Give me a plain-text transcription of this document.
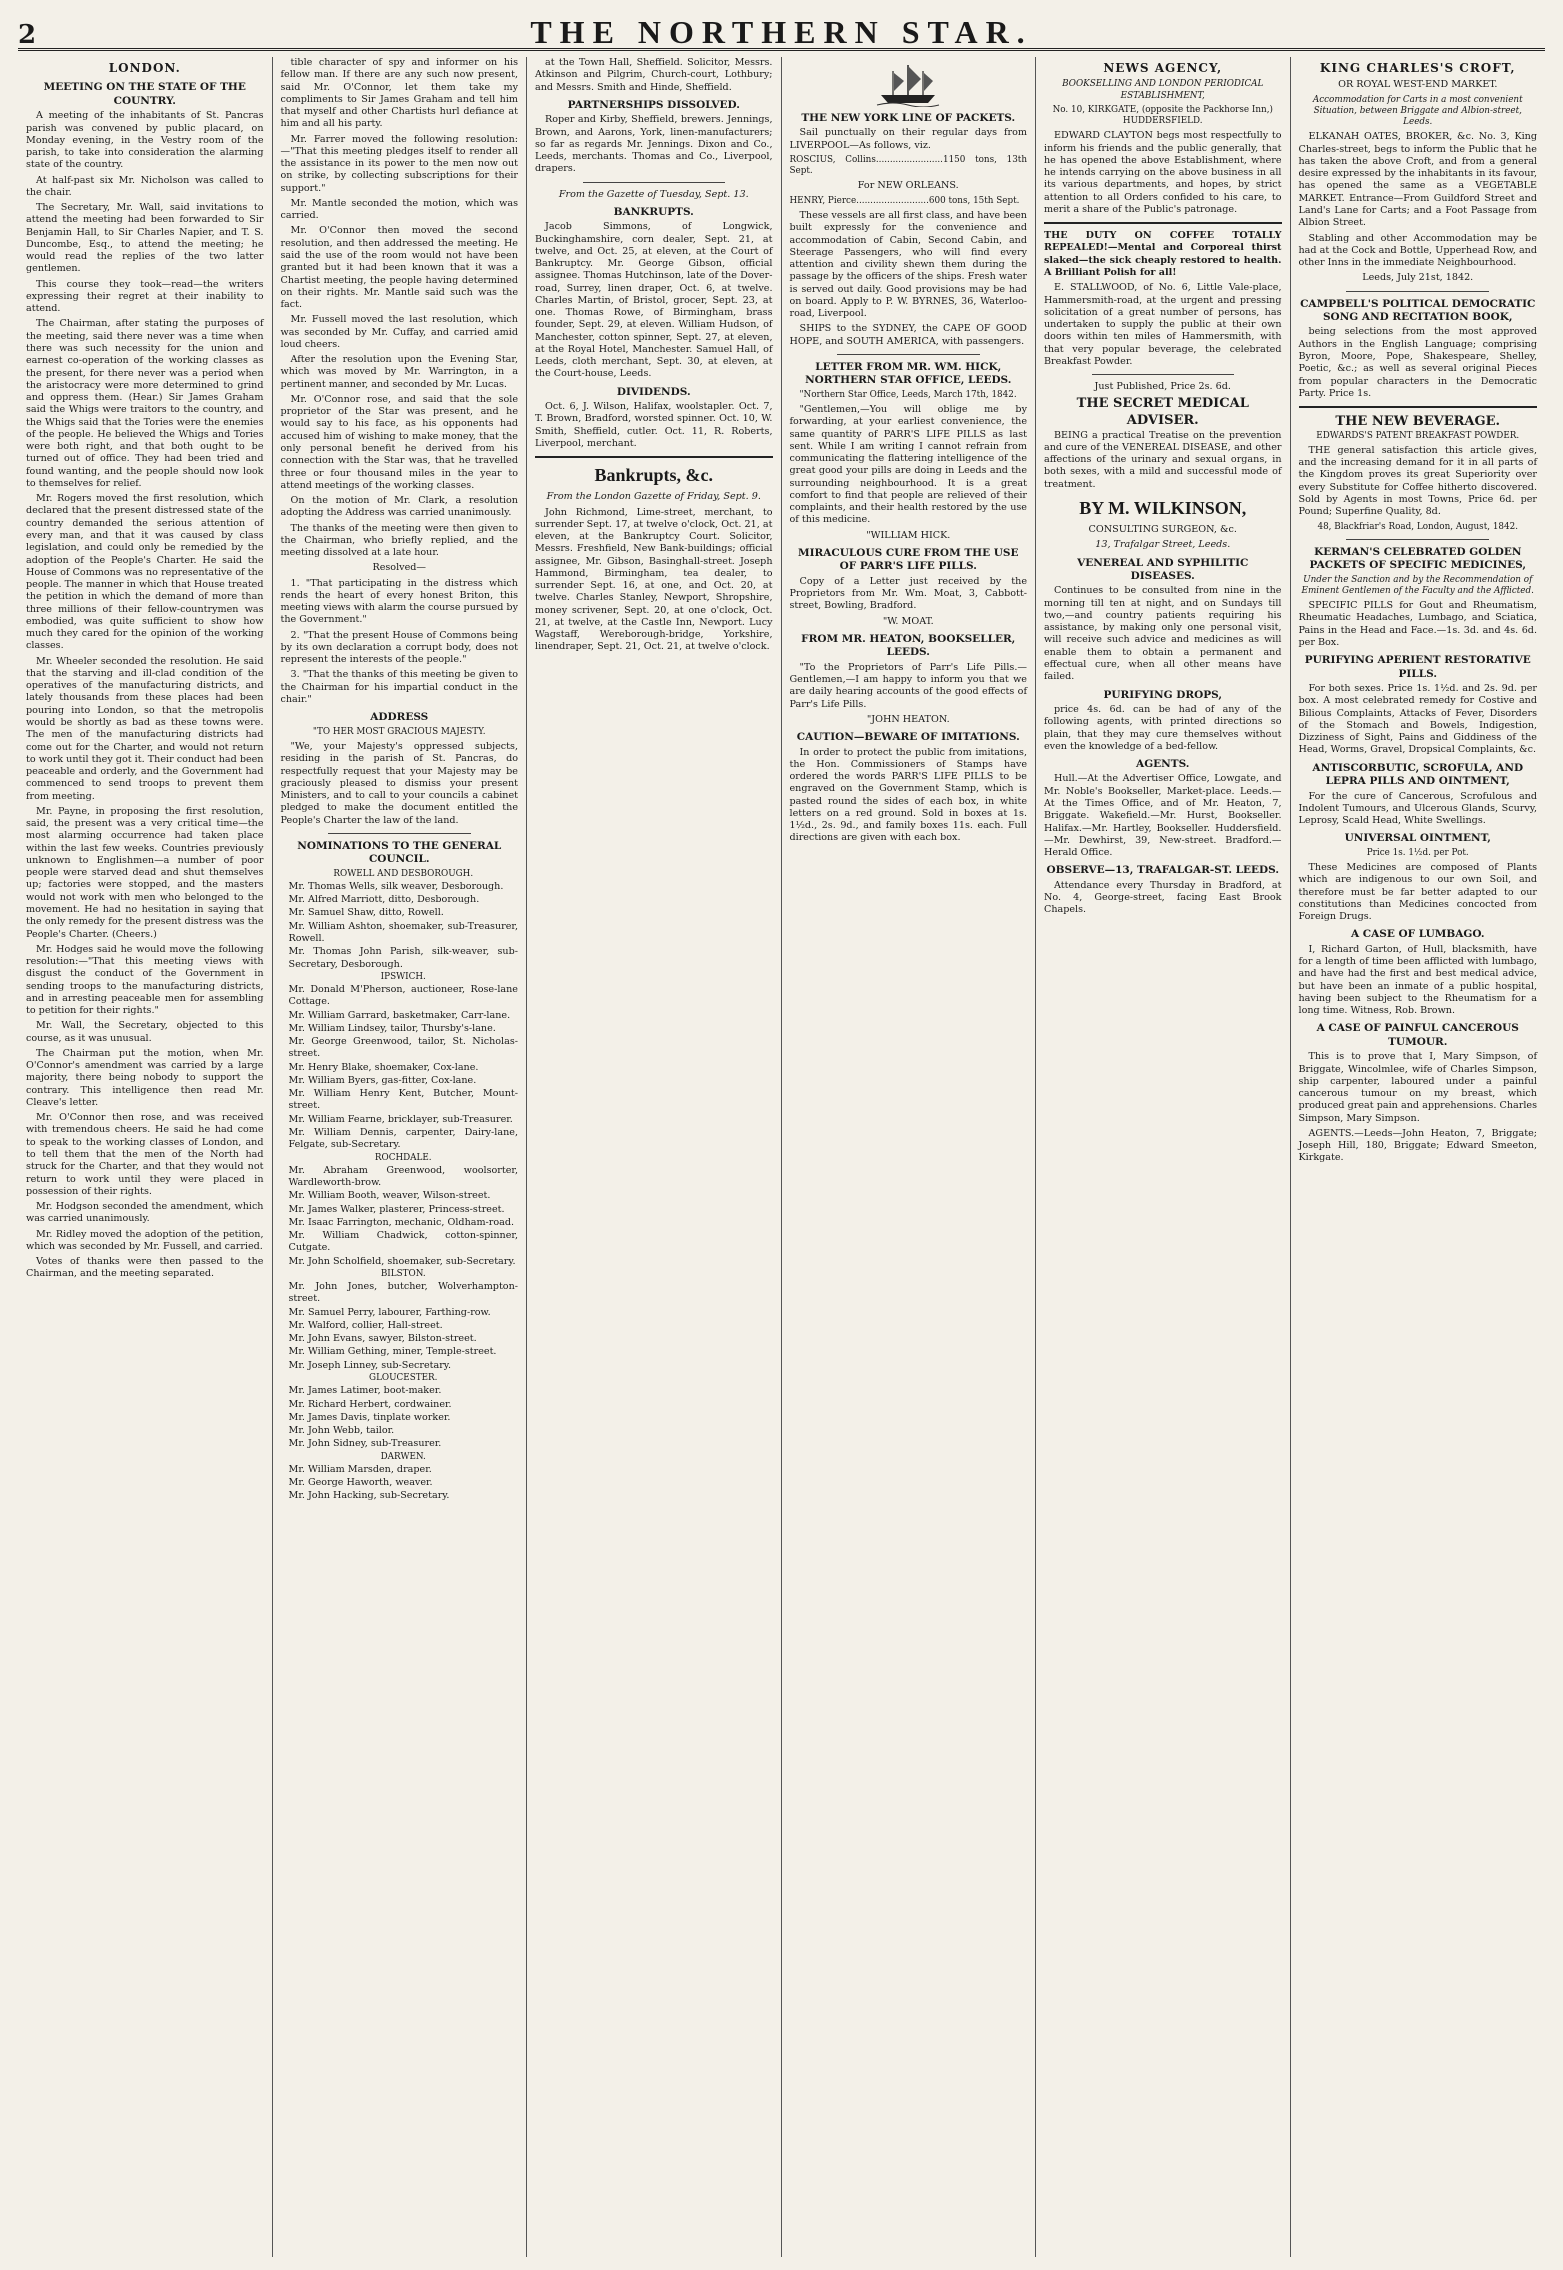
2	THE NORTHERN STAR.
LONDON.
MEETING ON THE STATE OF THE COUNTRY.

A meeting of the inhabitants of St. Pancras parish was convened by public placard, on Monday evening, in the Vestry room of the parish, to take into consideration the alarming state of the country.

At half-past six Mr. Nicholson was called to the chair.

The Secretary, Mr. Wall, said invitations to attend the meeting had been forwarded to Sir Benjamin Hall, to Sir Charles Napier, and T. S. Duncombe, Esq., to attend the meeting; he would read the replies of the two latter gentlemen.

This course they took—read—the writers expressing their regret at their inability to attend.

The Chairman, after stating the purposes of the meeting, said there never was a time when there was such necessity for the union and earnest co-operation of the working classes as the present, for there never was a period when the aristocracy were more determined to grind and oppress them. (Hear.) Sir James Graham said the Whigs were traitors to the country, and the Whigs said that the Tories were the enemies of the people. He believed the Whigs and Tories were both right, and that both ought to be turned out of office. They had been tried and found wanting, and the people should now look to themselves for relief.

Mr. Rogers moved the first resolution, which declared that the present distressed state of the country demanded the serious attention of every man, and that it was caused by class legislation, and could only be remedied by the adoption of the People's Charter. He said the House of Commons was no representative of the people. The manner in which that House treated the petition in which the demand of more than three millions of their fellow-countrymen was embodied, was quite sufficient to show how much they cared for the opinion of the working classes.

Mr. Wheeler seconded the resolution. He said that the starving and ill-clad condition of the operatives of the manufacturing districts, and lately thousands from these places had been pouring into London, so that the metropolis would be shortly as bad as these towns were. The men of the manufacturing districts had come out for the Charter, and would not return to work until they got it. Their conduct had been peaceable and orderly, and the Government had commenced to send troops to prevent them from meeting.

Mr. Payne, in proposing the first resolution, said, the present was a very critical time—the most alarming occurrence had taken place within the last few weeks. Countries previously unknown to Englishmen—a number of poor people were starved dead and shut themselves up; factories were stopped, and the masters would not work with men who belonged to the movement. He had no hesitation in saying that the only remedy for the present distress was the People's Charter. (Cheers.)

Mr. Hodges said he would move the following resolution:—"That this meeting views with disgust the conduct of the Government in sending troops to the manufacturing districts, and in arresting peaceable men for assembling to petition for their rights."

Mr. Wall, the Secretary, objected to this course, as it was unusual.

The Chairman put the motion, when Mr. O'Connor's amendment was carried by a large majority, there being nobody to support the contrary. This intelligence then read Mr. Cleave's letter.

Mr. O'Connor then rose, and was received with tremendous cheers. He said he had come to speak to the working classes of London, and to tell them that the men of the North had struck for the Charter, and that they would not return to work until they were placed in possession of their rights.

Mr. Hodgson seconded the amendment, which was carried unanimously.

Mr. Ridley moved the adoption of the petition, which was seconded by Mr. Fussell, and carried.

Votes of thanks were then passed to the Chairman, and the meeting separated.

tible character of spy and informer on his fellow man. If there are any such now present, said Mr. O'Connor, let them take my compliments to Sir James Graham and tell him that myself and other Chartists hurl defiance at him and all his party.

Mr. Farrer moved the following resolution:—"That this meeting pledges itself to render all the assistance in its power to the men now out on strike, by collecting subscriptions for their support."

Mr. Mantle seconded the motion, which was carried.

Mr. O'Connor then moved the second resolution, and then addressed the meeting. He said the use of the room would not have been granted but it had been known that it was a Chartist meeting, the people having determined on their rights. Mr. Mantle said such was the fact.

Mr. Fussell moved the last resolution, which was seconded by Mr. Cuffay, and carried amid loud cheers.

After the resolution upon the Evening Star, which was moved by Mr. Warrington, in a pertinent manner, and seconded by Mr. Lucas.

Mr. O'Connor rose, and said that the sole proprietor of the Star was present, and he would say to his face, as his opponents had accused him of wishing to make money, that the only personal benefit he derived from his connection with the Star was, that he travelled three or four thousand miles in the year to attend meetings of the working classes.

On the motion of Mr. Clark, a resolution adopting the Address was carried unanimously.

The thanks of the meeting were then given to the Chairman, who briefly replied, and the meeting dissolved at a late hour.

Resolved—

1. "That participating in the distress which rends the heart of every honest Briton, this meeting views with alarm the course pursued by the Government."

2. "That the present House of Commons being by its own declaration a corrupt body, does not represent the interests of the people."

3. "That the thanks of this meeting be given to the Chairman for his impartial conduct in the chair."

ADDRESS

"TO HER MOST GRACIOUS MAJESTY.

"We, your Majesty's oppressed subjects, residing in the parish of St. Pancras, do respectfully request that your Majesty may be graciously pleased to dismiss your present Ministers, and to call to your councils a cabinet pledged to make the document entitled the People's Charter the law of the land.

NOMINATIONS TO THE GENERAL COUNCIL.

ROWELL AND DESBOROUGH.

Mr. Thomas Wells, silk weaver, Desborough.

Mr. Alfred Marriott, ditto, Desborough.

Mr. Samuel Shaw, ditto, Rowell.

Mr. William Ashton, shoemaker, sub-Treasurer, Rowell.

Mr. Thomas John Parish, silk-weaver, sub-Secretary, Desborough.

IPSWICH.

Mr. Donald M'Pherson, auctioneer, Rose-lane Cottage.

Mr. William Garrard, basketmaker, Carr-lane.

Mr. William Lindsey, tailor, Thursby's-lane.

Mr. George Greenwood, tailor, St. Nicholas-street.

Mr. Henry Blake, shoemaker, Cox-lane.

Mr. William Byers, gas-fitter, Cox-lane.

Mr. William Henry Kent, Butcher, Mount-street.

Mr. William Fearne, bricklayer, sub-Treasurer.

Mr. William Dennis, carpenter, Dairy-lane, Felgate, sub-Secretary.

ROCHDALE.

Mr. Abraham Greenwood, woolsorter, Wardleworth-brow.

Mr. William Booth, weaver, Wilson-street.

Mr. James Walker, plasterer, Princess-street.

Mr. Isaac Farrington, mechanic, Oldham-road.

Mr. William Chadwick, cotton-spinner, Cutgate.

Mr. John Scholfield, shoemaker, sub-Secretary.

BILSTON.

Mr. John Jones, butcher, Wolverhampton-street.

Mr. Samuel Perry, labourer, Farthing-row.

Mr. Walford, collier, Hall-street.

Mr. John Evans, sawyer, Bilston-street.

Mr. William Gething, miner, Temple-street.

Mr. Joseph Linney, sub-Secretary.

GLOUCESTER.

Mr. James Latimer, boot-maker.

Mr. Richard Herbert, cordwainer.

Mr. James Davis, tinplate worker.

Mr. John Webb, tailor.

Mr. John Sidney, sub-Treasurer.

DARWEN.

Mr. William Marsden, draper.

Mr. George Haworth, weaver.

Mr. John Hacking, sub-Secretary.

at the Town Hall, Sheffield. Solicitor, Messrs. Atkinson and Pilgrim, Church-court, Lothbury; and Messrs. Smith and Hinde, Sheffield.

PARTNERSHIPS DISSOLVED.

Roper and Kirby, Sheffield, brewers. Jennings, Brown, and Aarons, York, linen-manufacturers; so far as regards Mr. Jennings. Dixon and Co., Leeds, merchants. Thomas and Co., Liverpool, drapers.

From the Gazette of Tuesday, Sept. 13.

BANKRUPTS.

Jacob Simmons, of Longwick, Buckinghamshire, corn dealer, Sept. 21, at twelve, and Oct. 25, at eleven, at the Court of Bankruptcy. Mr. George Gibson, official assignee. Thomas Hutchinson, late of the Dover-road, Surrey, linen draper, Oct. 6, at twelve. Charles Martin, of Bristol, grocer, Sept. 23, at one. Thomas Rowe, of Birmingham, brass founder, Sept. 29, at eleven. William Hudson, of Manchester, cotton spinner, Sept. 27, at eleven, at the Royal Hotel, Manchester. Samuel Hall, of Leeds, cloth merchant, Sept. 30, at eleven, at the Court-house, Leeds.

DIVIDENDS.

Oct. 6, J. Wilson, Halifax, woolstapler. Oct. 7, T. Brown, Bradford, worsted spinner. Oct. 10, W. Smith, Sheffield, cutler. Oct. 11, R. Roberts, Liverpool, merchant.

Bankrupts, &c.

From the London Gazette of Friday, Sept. 9.

John Richmond, Lime-street, merchant, to surrender Sept. 17, at twelve o'clock, Oct. 21, at eleven, at the Bankruptcy Court. Solicitor, Messrs. Freshfield, New Bank-buildings; official assignee, Mr. Gibson, Basinghall-street. Joseph Hammond, Birmingham, tea dealer, to surrender Sept. 16, at one, and Oct. 20, at twelve. Charles Stanley, Newport, Shropshire, money scrivener, Sept. 20, at one o'clock, Oct. 21, at twelve, at the Castle Inn, Newport. Lucy Wagstaff, Wereborough-bridge, Yorkshire, linendraper, Sept. 21, Oct. 21, at twelve o'clock.

THE NEW YORK LINE OF PACKETS.

Sail punctually on their regular days from LIVERPOOL—As follows, viz.

ROSCIUS, Collins........................1150 tons, 13th Sept.

For NEW ORLEANS.

HENRY, Pierce..........................600 tons, 15th Sept.

These vessels are all first class, and have been built expressly for the convenience and accommodation of Cabin, Second Cabin, and Steerage Passengers, who will find every attention and civility shewn them during the passage by the officers of the ships. Fresh water is served out daily. Good provisions may be had on board. Apply to P. W. BYRNES, 36, Waterloo-road, Liverpool.

SHIPS to the SYDNEY, the CAPE OF GOOD HOPE, and SOUTH AMERICA, with passengers.

LETTER FROM MR. WM. HICK, NORTHERN STAR OFFICE, LEEDS.

"Northern Star Office, Leeds, March 17th, 1842.

"Gentlemen,—You will oblige me by forwarding, at your earliest convenience, the same quantity of PARR'S LIFE PILLS as last sent. While I am writing I cannot refrain from communicating the flattering intelligence of the great good your pills are doing in Leeds and the surrounding neighbourhood. It is a great comfort to find that people are relieved of their complaints, and their health restored by the use of this medicine.

"WILLIAM HICK.

MIRACULOUS CURE FROM THE USE OF PARR'S LIFE PILLS.

Copy of a Letter just received by the Proprietors from Mr. Wm. Moat, 3, Cabbott-street, Bowling, Bradford.

"W. MOAT.

FROM MR. HEATON, BOOKSELLER, LEEDS.

"To the Proprietors of Parr's Life Pills.—Gentlemen,—I am happy to inform you that we are daily hearing accounts of the good effects of Parr's Life Pills.

"JOHN HEATON.

CAUTION—BEWARE OF IMITATIONS.

In order to protect the public from imitations, the Hon. Commissioners of Stamps have ordered the words PARR'S LIFE PILLS to be engraved on the Government Stamp, which is pasted round the sides of each box, in white letters on a red ground. Sold in boxes at 1s. 1½d., 2s. 9d., and family boxes 11s. each. Full directions are given with each box.

NEWS AGENCY,

BOOKSELLING AND LONDON PERIODICAL ESTABLISHMENT,

No. 10, KIRKGATE, (opposite the Packhorse Inn,) HUDDERSFIELD.

EDWARD CLAYTON begs most respectfully to inform his friends and the public generally, that he has opened the above Establishment, where he intends carrying on the above business in all its various departments, and hopes, by strict attention to all Orders confided to his care, to merit a share of the Public's patronage.

THE DUTY ON COFFEE TOTALLY REPEALED!—Mental and Corporeal thirst slaked—the sick cheaply restored to health. A Brilliant Polish for all!

E. STALLWOOD, of No. 6, Little Vale-place, Hammersmith-road, at the urgent and pressing solicitation of a great number of persons, has undertaken to supply the public at their own doors within ten miles of Hammersmith, with that very popular beverage, the celebrated Breakfast Powder.

Just Published, Price 2s. 6d.

THE SECRET MEDICAL ADVISER.

BEING a practical Treatise on the prevention and cure of the VENEREAL DISEASE, and other affections of the urinary and sexual organs, in both sexes, with a mild and successful mode of treatment.

BY M. WILKINSON,

CONSULTING SURGEON, &c.

13, Trafalgar Street, Leeds.

VENEREAL AND SYPHILITIC DISEASES.

Continues to be consulted from nine in the morning till ten at night, and on Sundays till two,—and country patients requiring his assistance, by making only one personal visit, will receive such advice and medicines as will enable them to obtain a permanent and effectual cure, when all other means have failed.

PURIFYING DROPS,

price 4s. 6d. can be had of any of the following agents, with printed directions so plain, that they may cure themselves without even the knowledge of a bed-fellow.

AGENTS.

Hull.—At the Advertiser Office, Lowgate, and Mr. Noble's Bookseller, Market-place. Leeds.—At the Times Office, and of Mr. Heaton, 7, Briggate. Wakefield.—Mr. Hurst, Bookseller. Halifax.—Mr. Hartley, Bookseller. Huddersfield.—Mr. Dewhirst, 39, New-street. Bradford.—Herald Office.

OBSERVE—13, TRAFALGAR-ST. LEEDS.

Attendance every Thursday in Bradford, at No. 4, George-street, facing East Brook Chapels.

KING CHARLES'S CROFT,

OR ROYAL WEST-END MARKET.

Accommodation for Carts in a most convenient Situation, between Briggate and Albion-street, Leeds.

ELKANAH OATES, BROKER, &c. No. 3, King Charles-street, begs to inform the Public that he has taken the above Croft, and from a general desire expressed by the inhabitants in its favour, has opened the same as a VEGETABLE MARKET. Entrance—From Guildford Street and Land's Lane for Carts; and a Foot Passage from Albion Street.

Stabling and other Accommodation may be had at the Cock and Bottle, Upperhead Row, and other Inns in the immediate Neighbourhood.

Leeds, July 21st, 1842.

CAMPBELL'S POLITICAL DEMOCRATIC SONG AND RECITATION BOOK,

being selections from the most approved Authors in the English Language; comprising Byron, Moore, Pope, Shakespeare, Shelley, Poetic, &c.; as well as several original Pieces from popular characters in the Democratic Party. Price 1s.

THE NEW BEVERAGE.

EDWARDS'S PATENT BREAKFAST POWDER.

THE general satisfaction this article gives, and the increasing demand for it in all parts of the Kingdom proves its great Superiority over every Substitute for Coffee hitherto discovered. Sold by Agents in most Towns, Price 6d. per Pound; Superfine Quality, 8d.

48, Blackfriar's Road, London, August, 1842.

KERMAN'S CELEBRATED GOLDEN PACKETS OF SPECIFIC MEDICINES,

Under the Sanction and by the Recommendation of Eminent Gentlemen of the Faculty and the Afflicted.

SPECIFIC PILLS for Gout and Rheumatism, Rheumatic Headaches, Lumbago, and Sciatica, Pains in the Head and Face.—1s. 3d. and 4s. 6d. per Box.

PURIFYING APERIENT RESTORATIVE PILLS.

For both sexes. Price 1s. 1½d. and 2s. 9d. per box. A most celebrated remedy for Costive and Bilious Complaints, Attacks of Fever, Disorders of the Stomach and Bowels, Indigestion, Dizziness of Sight, Pains and Giddiness of the Head, Worms, Gravel, Dropsical Complaints, &c.

ANTISCORBUTIC, SCROFULA, AND LEPRA PILLS AND OINTMENT,

For the cure of Cancerous, Scrofulous and Indolent Tumours, and Ulcerous Glands, Scurvy, Leprosy, Scald Head, White Swellings.

UNIVERSAL OINTMENT,

Price 1s. 1½d. per Pot.

These Medicines are composed of Plants which are indigenous to our own Soil, and therefore must be far better adapted to our constitutions than Medicines concocted from Foreign Drugs.

A CASE OF LUMBAGO.

I, Richard Garton, of Hull, blacksmith, have for a length of time been afflicted with lumbago, and have had the first and best medical advice, but have been an inmate of a public hospital, having been subject to the Rheumatism for a long time. Witness, Rob. Brown.

A CASE OF PAINFUL CANCEROUS TUMOUR.

This is to prove that I, Mary Simpson, of Briggate, Wincolmlee, wife of Charles Simpson, ship carpenter, laboured under a painful cancerous tumour on my breast, which produced great pain and apprehensions. Charles Simpson, Mary Simpson.

AGENTS.—Leeds—John Heaton, 7, Briggate; Joseph Hill, 180, Briggate; Edward Smeeton, Kirkgate.
